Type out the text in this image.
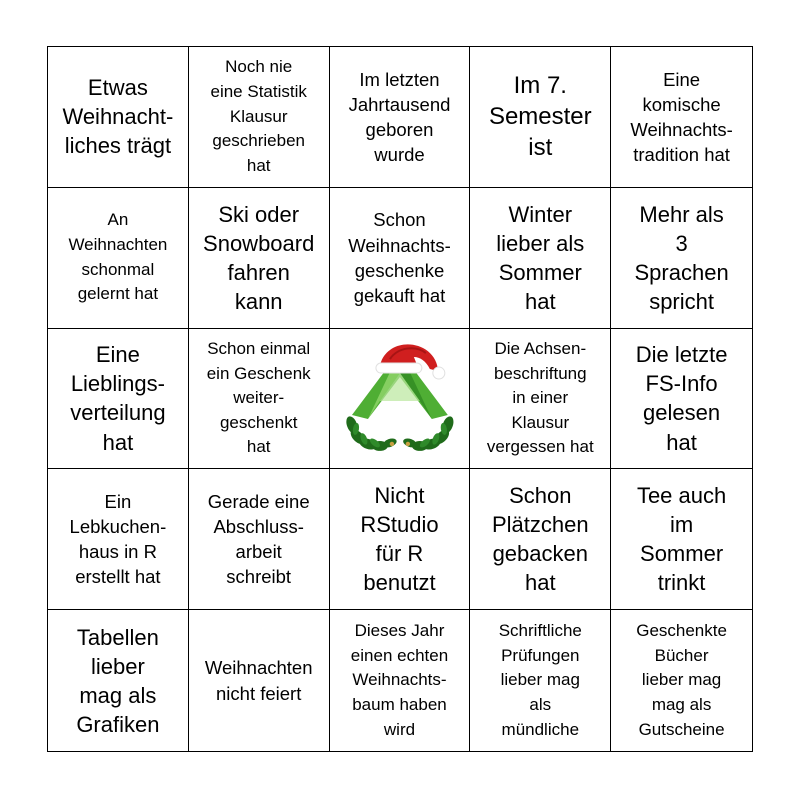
Etwas
Weihnacht-
liches trägt
Noch nie
eine Statistik
Klausur
geschrieben
hat
Im letzten
Jahrtausend
geboren
wurde
Im 7.
Semester
ist
Eine
komische
Weihnachts-
tradition hat
An
Weihnachten
schonmal
gelernt hat
Ski oder
Snowboard
fahren
kann
Schon
Weihnachts-
geschenke
gekauft hat
Winter
lieber als
Sommer
hat
Mehr als
3
Sprachen
spricht
Eine
Lieblings-
verteilung
hat
Schon einmal
ein Geschenk
weiter-
geschenkt
hat
Die Achsen-
beschriftung
in einer
Klausur
vergessen hat
Die letzte
FS-Info
gelesen
hat
Ein
Lebkuchen-
haus in R
erstellt hat
Gerade eine
Abschluss-
arbeit
schreibt
Nicht
RStudio
für R
benutzt
Schon
Plätzchen
gebacken
hat
Tee auch
im
Sommer
trinkt
Tabellen
lieber
mag als
Grafiken
Weihnachten
nicht feiert
Dieses Jahr
einen echten
Weihnachts-
baum haben
wird
Schriftliche
Prüfungen
lieber mag
als
mündliche
Geschenkte
Bücher
lieber mag
mag als
Gutscheine
